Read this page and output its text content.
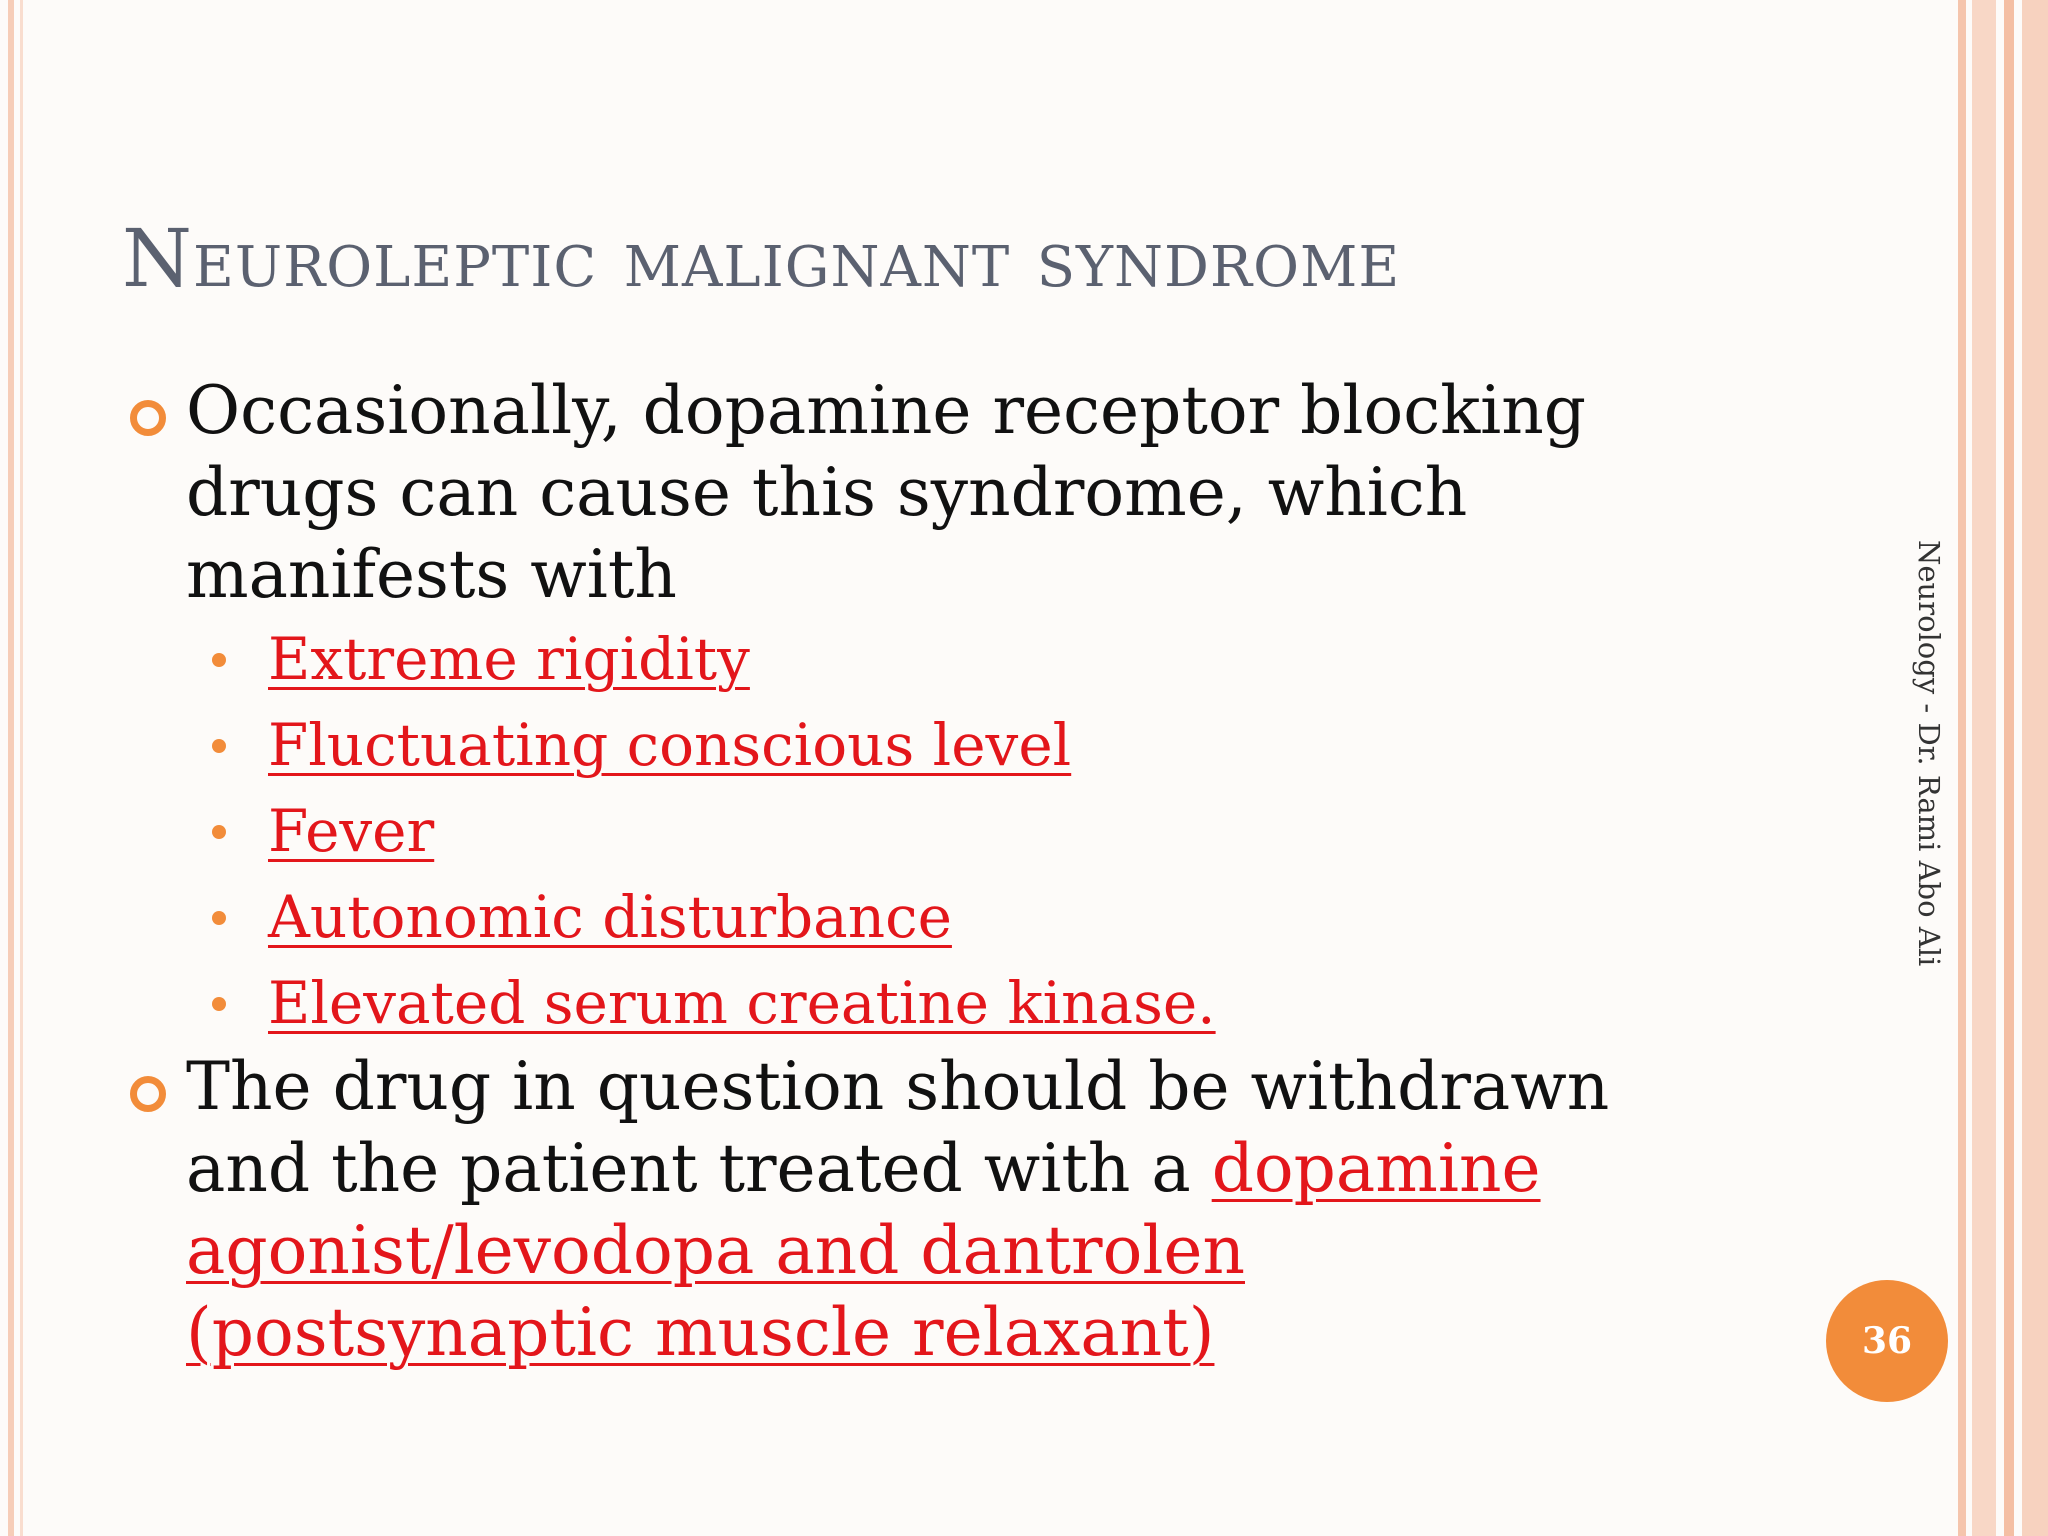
Neuroleptic malignant syndrome
Occasionally, dopamine receptor blocking drugs can cause this syndrome, which manifests with
Extreme rigidity
Fluctuating conscious level
Fever
Autonomic disturbance
Elevated serum creatine kinase.
The drug in question should be withdrawn and the patient treated with a dopamine agonist/levodopa and dantrolen (postsynaptic muscle relaxant)
Neurology - Dr. Rami Abo Ali
36
